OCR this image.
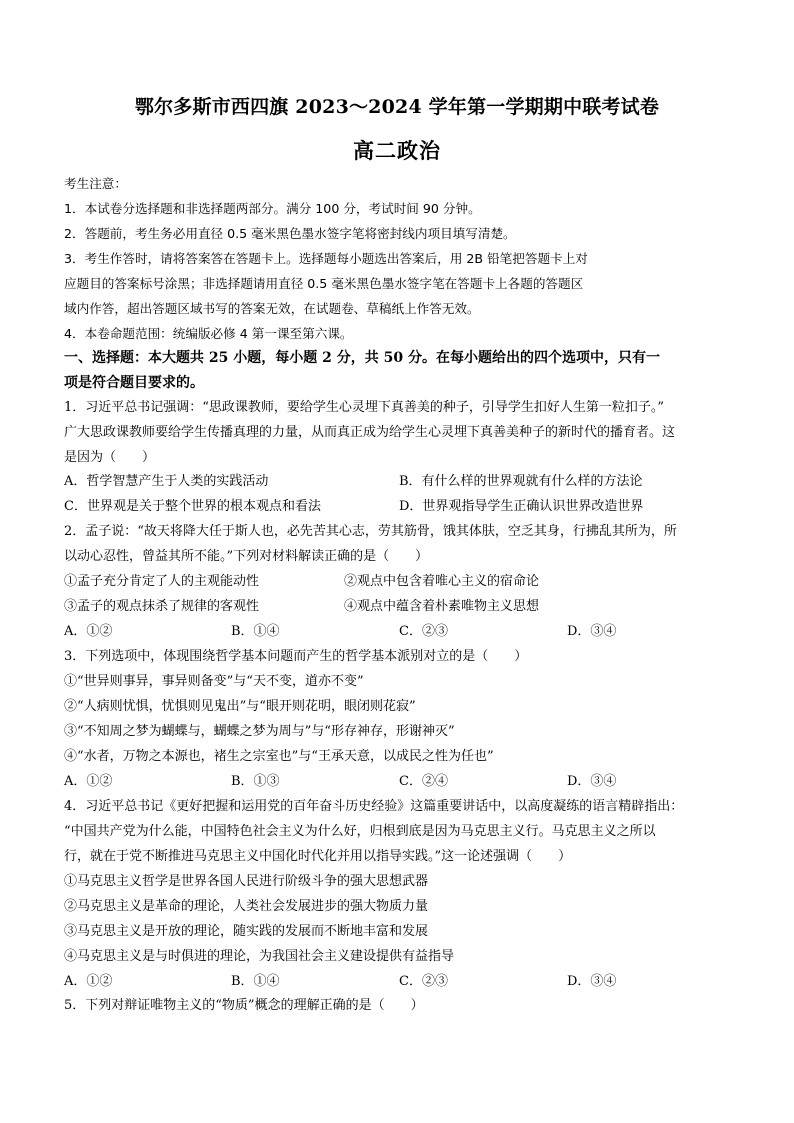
鄂尔多斯市西四旗 2023～2024 学年第一学期期中联考试卷
高二政治
考生注意：
1．本试卷分选择题和非选择题两部分。满分 100 分，考试时间 90 分钟。
2．答题前，考生务必用直径 0.5 毫米黑色墨水签字笔将密封线内项目填写清楚。
3．考生作答时，请将答案答在答题卡上。选择题每小题选出答案后，用 2B 铅笔把答题卡上对
应题目的答案标号涂黑；非选择题请用直径 0.5 毫米黑色墨水签字笔在答题卡上各题的答题区
域内作答，超出答题区域书写的答案无效，在试题卷、草稿纸上作答无效。
4．本卷命题范围：统编版必修 4 第一课至第六课。
一、选择题：本大题共 25 小题，每小题 2 分，共 50 分。在每小题给出的四个选项中，只有一
项是符合题目要求的。
1．习近平总书记强调：“思政课教师，要给学生心灵埋下真善美的种子，引导学生扣好人生第一粒扣子。”
广大思政课教师要给学生传播真理的力量，从而真正成为给学生心灵埋下真善美种子的新时代的播育者。这
是因为（　　）
A．哲学智慧产生于人类的实践活动	B．有什么样的世界观就有什么样的方法论
C．世界观是关于整个世界的根本观点和看法	D．世界观指导学生正确认识世界改造世界
2．孟子说：“故天将降大任于斯人也，必先苦其心志，劳其筋骨，饿其体肤，空乏其身，行拂乱其所为，所
以动心忍性，曾益其所不能。”下列对材料解读正确的是（　　）
①孟子充分肯定了人的主观能动性	②观点中包含着唯心主义的宿命论
③孟子的观点抹杀了规律的客观性	④观点中蕴含着朴素唯物主义思想
A．①②	B．①④	C．②③	D．③④
3．下列选项中，体现围绕哲学基本问题而产生的哲学基本派别对立的是（　　）
①“世异则事异，事异则备变”与“天不变，道亦不变”
②“人病则忧惧，忧惧则见鬼出”与“眼开则花明，眼闭则花寂”
③“不知周之梦为蝴蝶与，蝴蝶之梦为周与”与“形存神存，形谢神灭”
④“水者，万物之本源也，褚生之宗室也”与“王承天意，以成民之性为任也”
A．①②	B．①③	C．②④	D．③④
4．习近平总书记《更好把握和运用党的百年奋斗历史经验》这篇重要讲话中，以高度凝练的语言精辟指出：
“中国共产党为什么能，中国特色社会主义为什么好，归根到底是因为马克思主义行。马克思主义之所以
行，就在于党不断推进马克思主义中国化时代化并用以指导实践。”这一论述强调（　　）
①马克思主义哲学是世界各国人民进行阶级斗争的强大思想武器
②马克思主义是革命的理论，人类社会发展进步的强大物质力量
③马克思主义是开放的理论，随实践的发展而不断地丰富和发展
④马克思主义是与时俱进的理论，为我国社会主义建设提供有益指导
A．①②	B．①④	C．②③	D．③④
5．下列对辩证唯物主义的“物质”概念的理解正确的是（　　）
